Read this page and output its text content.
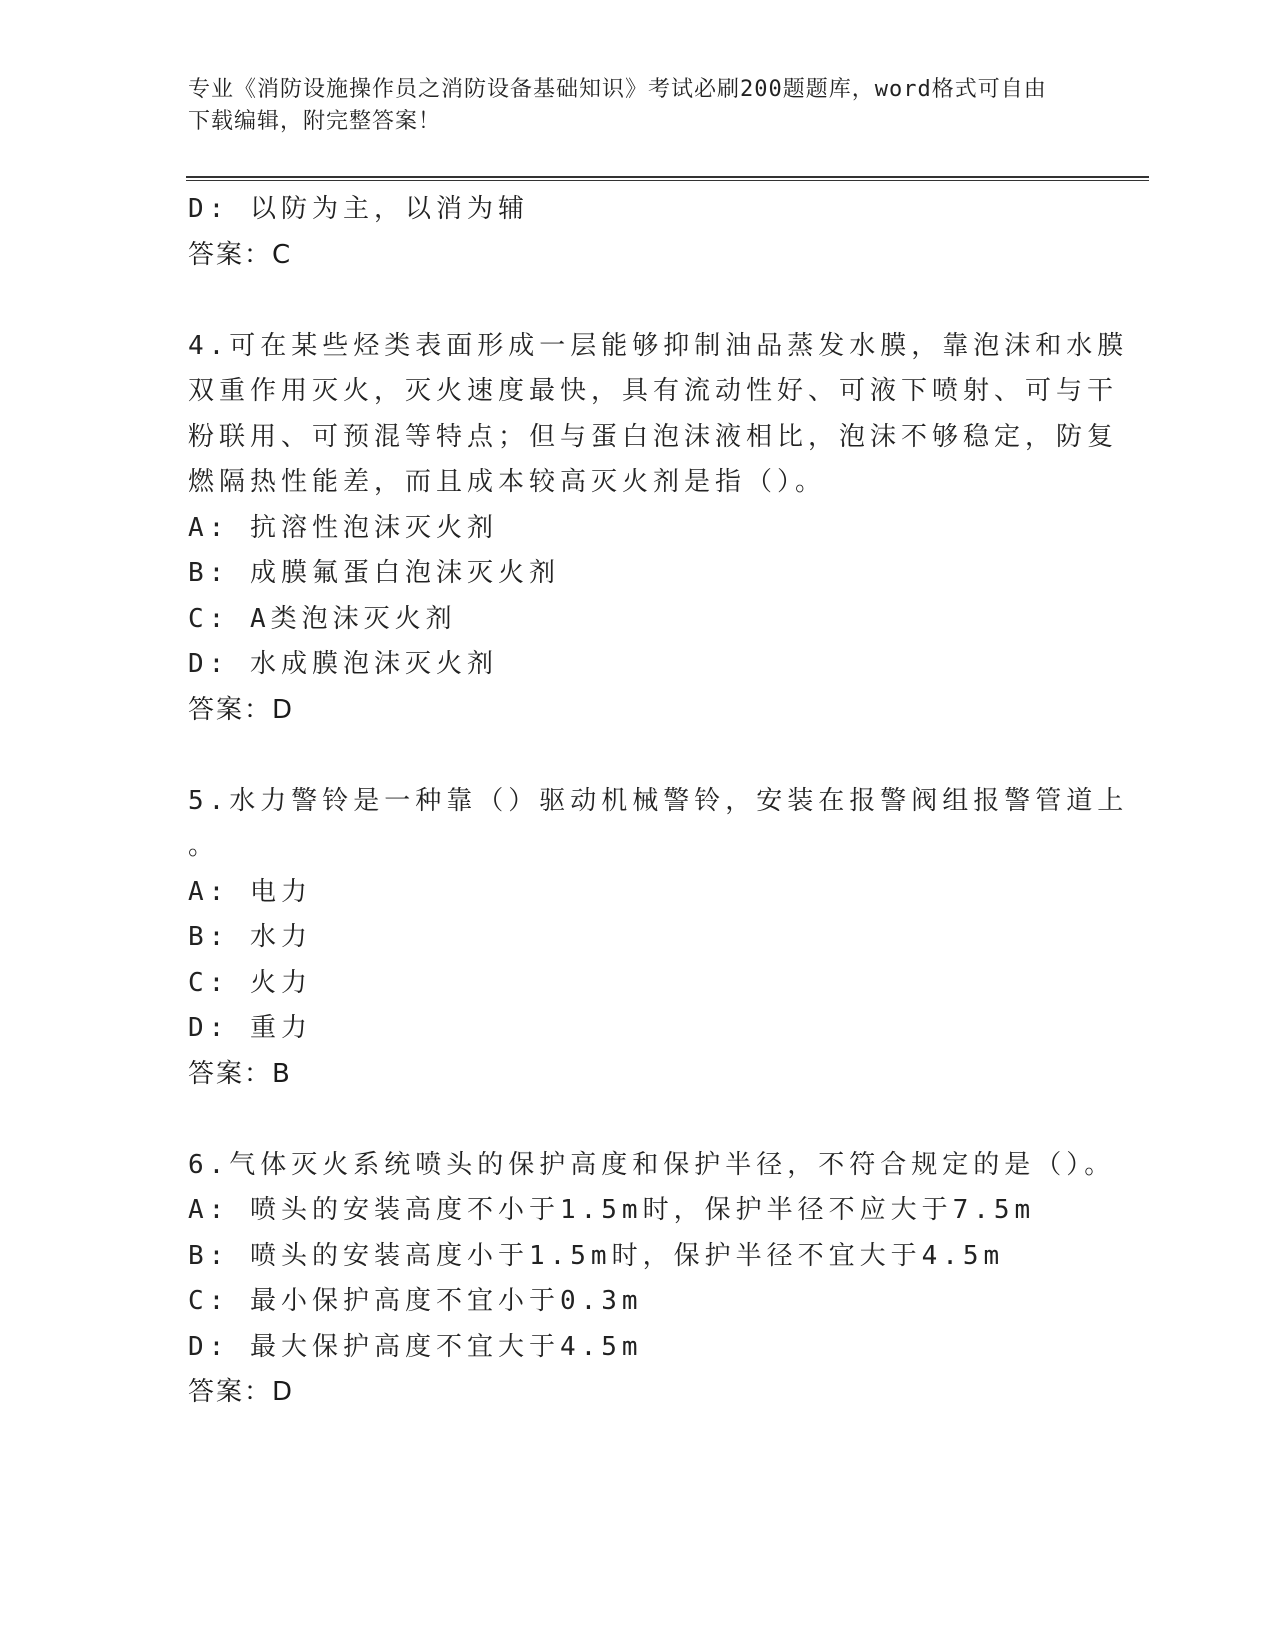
专业《消防设施操作员之消防设备基础知识》考试必刷200题题库，word格式可自由下载编辑，附完整答案！
D: 以防为主，以消为辅
答案：C
4.可在某些烃类表面形成一层能够抑制油品蒸发水膜，靠泡沫和水膜
双重作用灭火，灭火速度最快，具有流动性好、可液下喷射、可与干
粉联用、可预混等特点；但与蛋白泡沫液相比，泡沫不够稳定，防复
燃隔热性能差，而且成本较高灭火剂是指（）。
A: 抗溶性泡沫灭火剂
B: 成膜氟蛋白泡沫灭火剂
C: A类泡沫灭火剂
D: 水成膜泡沫灭火剂
答案：D
5.水力警铃是一种靠（）驱动机械警铃，安装在报警阀组报警管道上
。
A: 电力
B: 水力
C: 火力
D: 重力
答案：B
6.气体灭火系统喷头的保护高度和保护半径，不符合规定的是（）。
A: 喷头的安装高度不小于1.5m时，保护半径不应大于7.5m
B: 喷头的安装高度小于1.5m时，保护半径不宜大于4.5m
C: 最小保护高度不宜小于0.3m
D: 最大保护高度不宜大于4.5m
答案：D
